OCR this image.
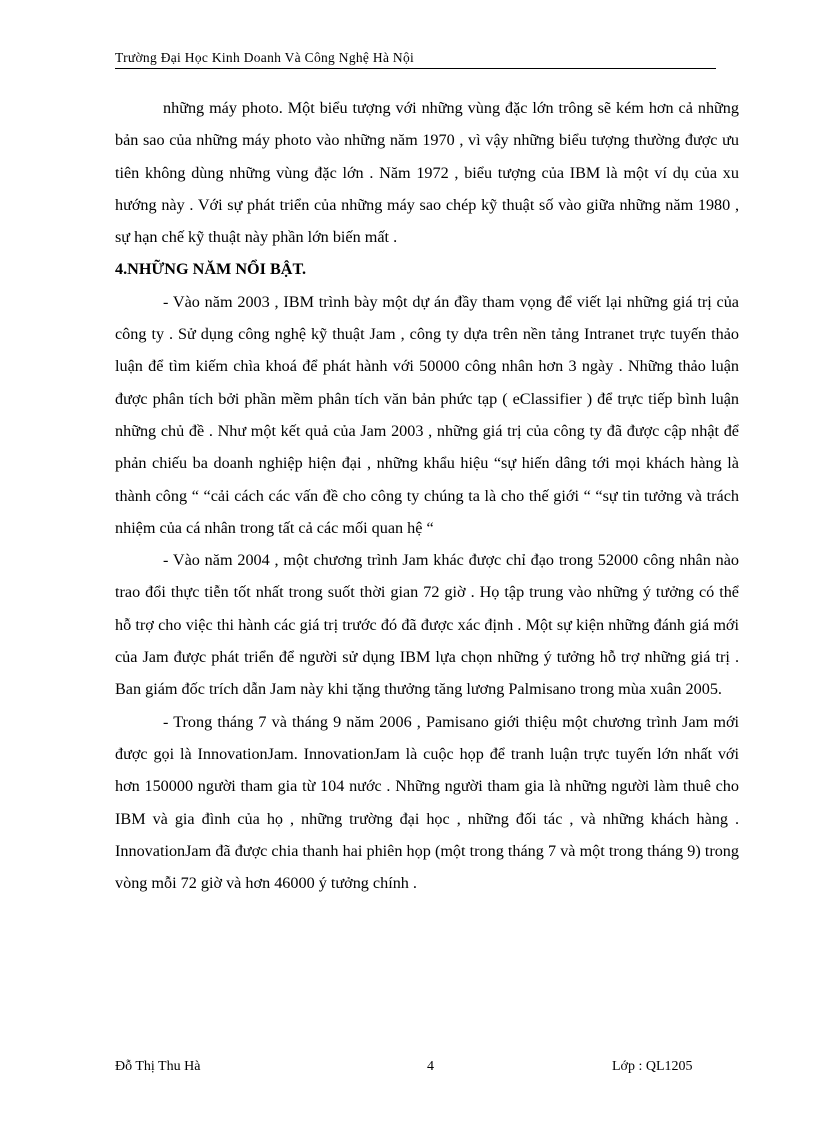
Trường Đại Học Kinh Doanh Và Công Nghệ Hà Nội

những máy photo. Một biểu tượng với những vùng đặc lớn trông sẽ kém hơn cả những bản sao của những máy photo vào những năm 1970 , vì vậy những biểu tượng thường được ưu tiên không dùng những vùng đặc lớn . Năm 1972 , biểu tượng của IBM là một ví dụ của xu hướng này . Với sự phát triển của những máy sao chép kỹ thuật số vào giữa những năm 1980 , sự hạn chế kỹ thuật này phần lớn biến mất .

4.NHỮNG NĂM NỔI BẬT.

- Vào năm 2003 , IBM trình bày một dự án đầy tham vọng để viết lại những giá trị của công ty . Sử dụng công nghệ kỹ thuật Jam , công ty dựa trên nền tảng Intranet trực tuyến thảo luận để tìm kiếm chìa khoá để phát hành với 50000 công nhân hơn 3 ngày . Những thảo luận được phân tích bởi phần mềm phân tích văn bản phức tạp ( eClassifier ) để trực tiếp bình luận những chủ đề . Như một kết quả của Jam 2003 , những giá trị của công ty đã được cập nhật để phản chiếu ba doanh nghiệp hiện đại , những khẩu hiệu “sự hiến dâng tới mọi khách hàng là thành công “ “cải cách các vấn đề cho công ty chúng ta là cho thế giới “ “sự tin tưởng và trách nhiệm của cá nhân trong tất cả các mối quan hệ “

- Vào năm 2004 , một chương trình Jam khác được chỉ đạo trong 52000 công nhân nào trao đổi thực tiễn tốt nhất trong suốt thời gian 72 giờ . Họ tập trung vào những ý tưởng có thể hỗ trợ cho việc thi hành các giá trị trước đó đã được xác định . Một sự kiện những đánh giá mới của Jam được phát triển để người sử dụng IBM lựa chọn những ý tưởng hỗ trợ những giá trị . Ban giám đốc trích dẫn Jam này khi tặng thưởng tăng lương Palmisano trong mùa xuân 2005.

- Trong tháng 7 và tháng 9 năm 2006 , Pamisano giới thiệu một chương trình Jam mới được gọi là InnovationJam. InnovationJam là cuộc họp để tranh luận trực tuyến lớn nhất với hơn 150000 người tham gia từ 104 nước . Những người tham gia là những người làm thuê cho IBM và gia đình của họ , những trường đại học , những đối tác , và những khách hàng . InnovationJam đã được chia thanh hai phiên họp (một trong tháng 7 và một trong tháng 9) trong vòng mỗi 72 giờ và hơn 46000 ý tưởng chính .

Đỗ Thị Thu Hà	4	Lớp : QL1205
